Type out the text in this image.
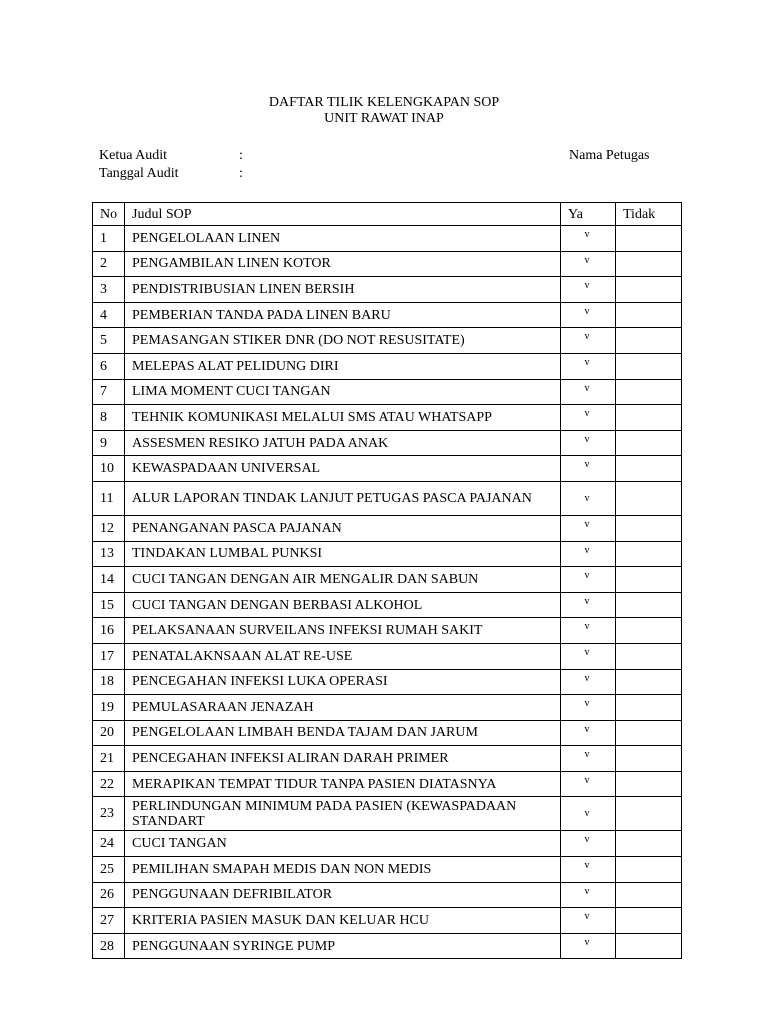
DAFTAR TILIK KELENGKAPAN SOP
UNIT RAWAT INAP
Ketua Audit	:	Nama Petugas
Tanggal Audit	:
No	Judul SOP	Ya	Tidak
1	PENGELOLAAN LINEN	v	
2	PENGAMBILAN LINEN KOTOR	v	
3	PENDISTRIBUSIAN LINEN BERSIH	v	
4	PEMBERIAN TANDA PADA LINEN BARU	v	
5	PEMASANGAN STIKER DNR (DO NOT RESUSITATE)	v	
6	MELEPAS ALAT PELIDUNG DIRI	v	
7	LIMA MOMENT CUCI TANGAN	v	
8	TEHNIK KOMUNIKASI MELALUI SMS ATAU WHATSAPP	v	
9	ASSESMEN RESIKO JATUH PADA ANAK	v	
10	KEWASPADAAN UNIVERSAL	v	
11	ALUR LAPORAN TINDAK LANJUT PETUGAS PASCA PAJANAN	v	
12	PENANGANAN PASCA PAJANAN	v	
13	TINDAKAN LUMBAL PUNKSI	v	
14	CUCI TANGAN DENGAN AIR MENGALIR DAN SABUN	v	
15	CUCI TANGAN DENGAN BERBASI ALKOHOL	v	
16	PELAKSANAAN SURVEILANS INFEKSI RUMAH SAKIT	v	
17	PENATALAKNSAAN ALAT RE-USE	v	
18	PENCEGAHAN INFEKSI LUKA OPERASI	v	
19	PEMULASARAAN JENAZAH	v	
20	PENGELOLAAN LIMBAH BENDA TAJAM DAN JARUM	v	
21	PENCEGAHAN INFEKSI ALIRAN DARAH PRIMER	v	
22	MERAPIKAN TEMPAT TIDUR TANPA PASIEN DIATASNYA	v	
23	PERLINDUNGAN MINIMUM PADA PASIEN (KEWASPADAAN STANDART	v	
24	CUCI TANGAN	v	
25	PEMILIHAN SMAPAH MEDIS DAN NON MEDIS	v	
26	PENGGUNAAN DEFRIBILATOR	v	
27	KRITERIA PASIEN MASUK DAN KELUAR HCU	v	
28	PENGGUNAAN SYRINGE PUMP	v	
